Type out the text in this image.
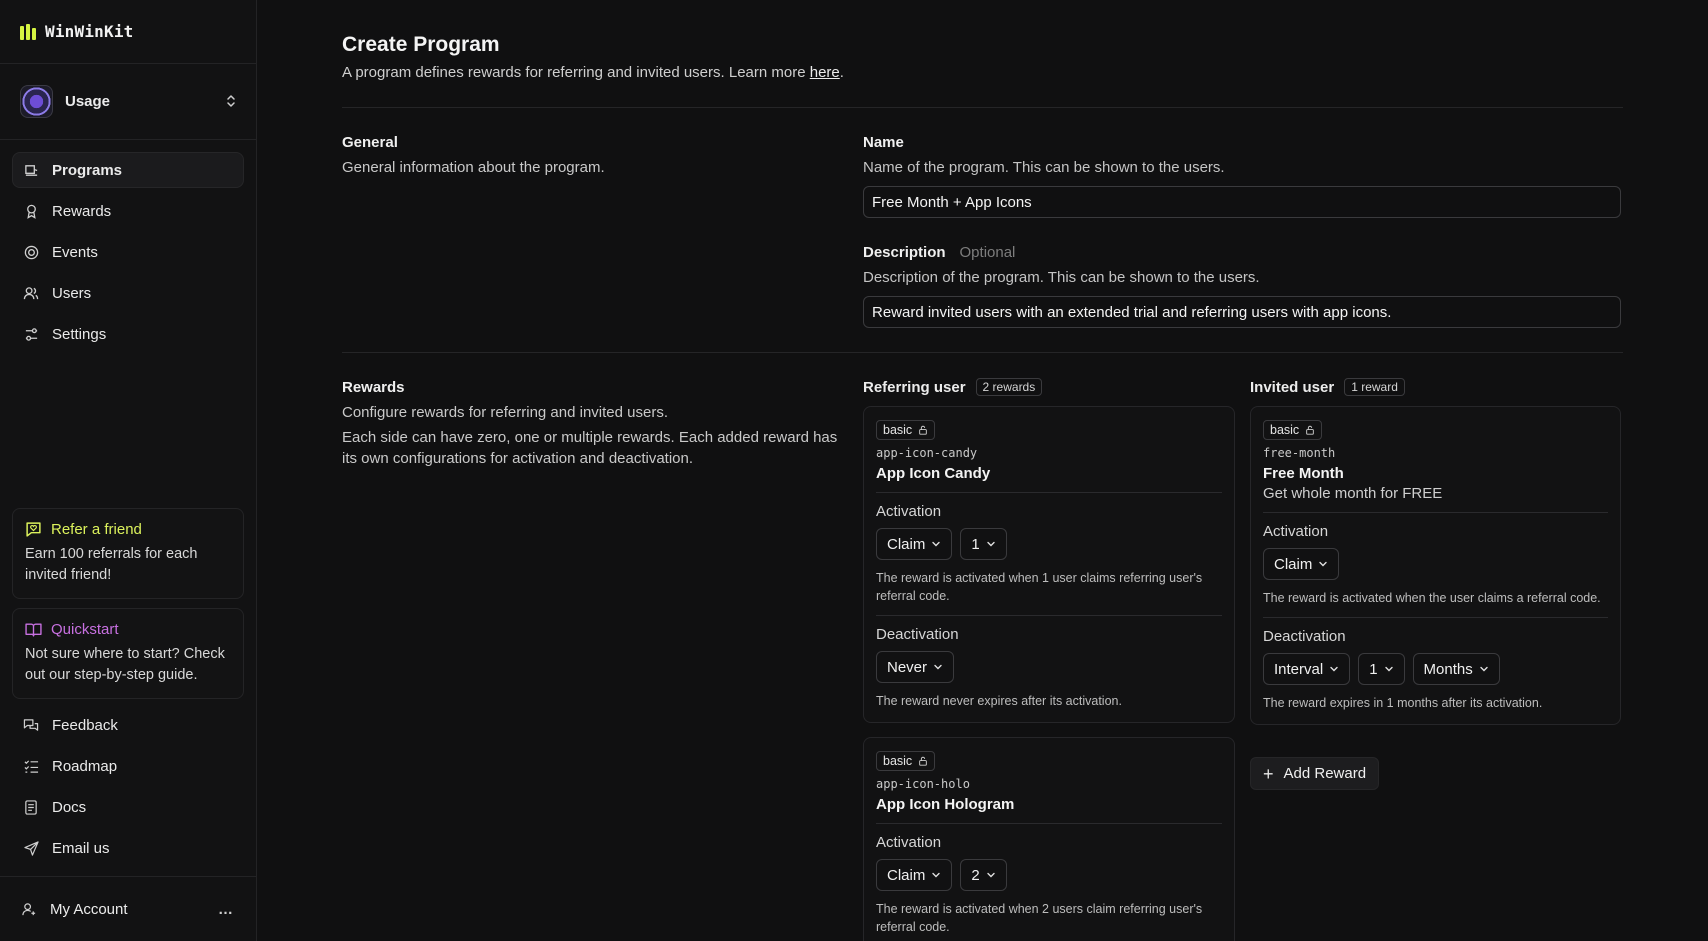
WinWinKit
Usage
Programs
Rewards
Events
Users
Settings
Refer a friend
Earn 100 referrals for each invited friend!
Quickstart
Not sure where to start? Check out our step-by-step guide.
Feedback
Roadmap
Docs
Email us
My Account	…
Create Program
A program defines rewards for referring and invited users. Learn more here.
General
General information about the program.
Name
Name of the program. This can be shown to the users.
Free Month + App Icons
Description Optional
Description of the program. This can be shown to the users.
Reward invited users with an extended trial and referring users with app icons.
Rewards
Configure rewards for referring and invited users.
Each side can have zero, one or multiple rewards. Each added reward has its own configurations for activation and deactivation.
Referring user	2 rewards
basic
app-icon-candy
App Icon Candy
Activation
Claim	1
The reward is activated when 1 user claims referring user's referral code.
Deactivation
Never
The reward never expires after its activation.
basic
app-icon-holo
App Icon Hologram
Activation
Claim	2
The reward is activated when 2 users claim referring user's referral code.
Invited user	1 reward
basic
free-month
Free Month
Get whole month for FREE
Activation
Claim
The reward is activated when the user claims a referral code.
Deactivation
Interval	1	Months
The reward expires in 1 months after its activation.
+ Add Reward
